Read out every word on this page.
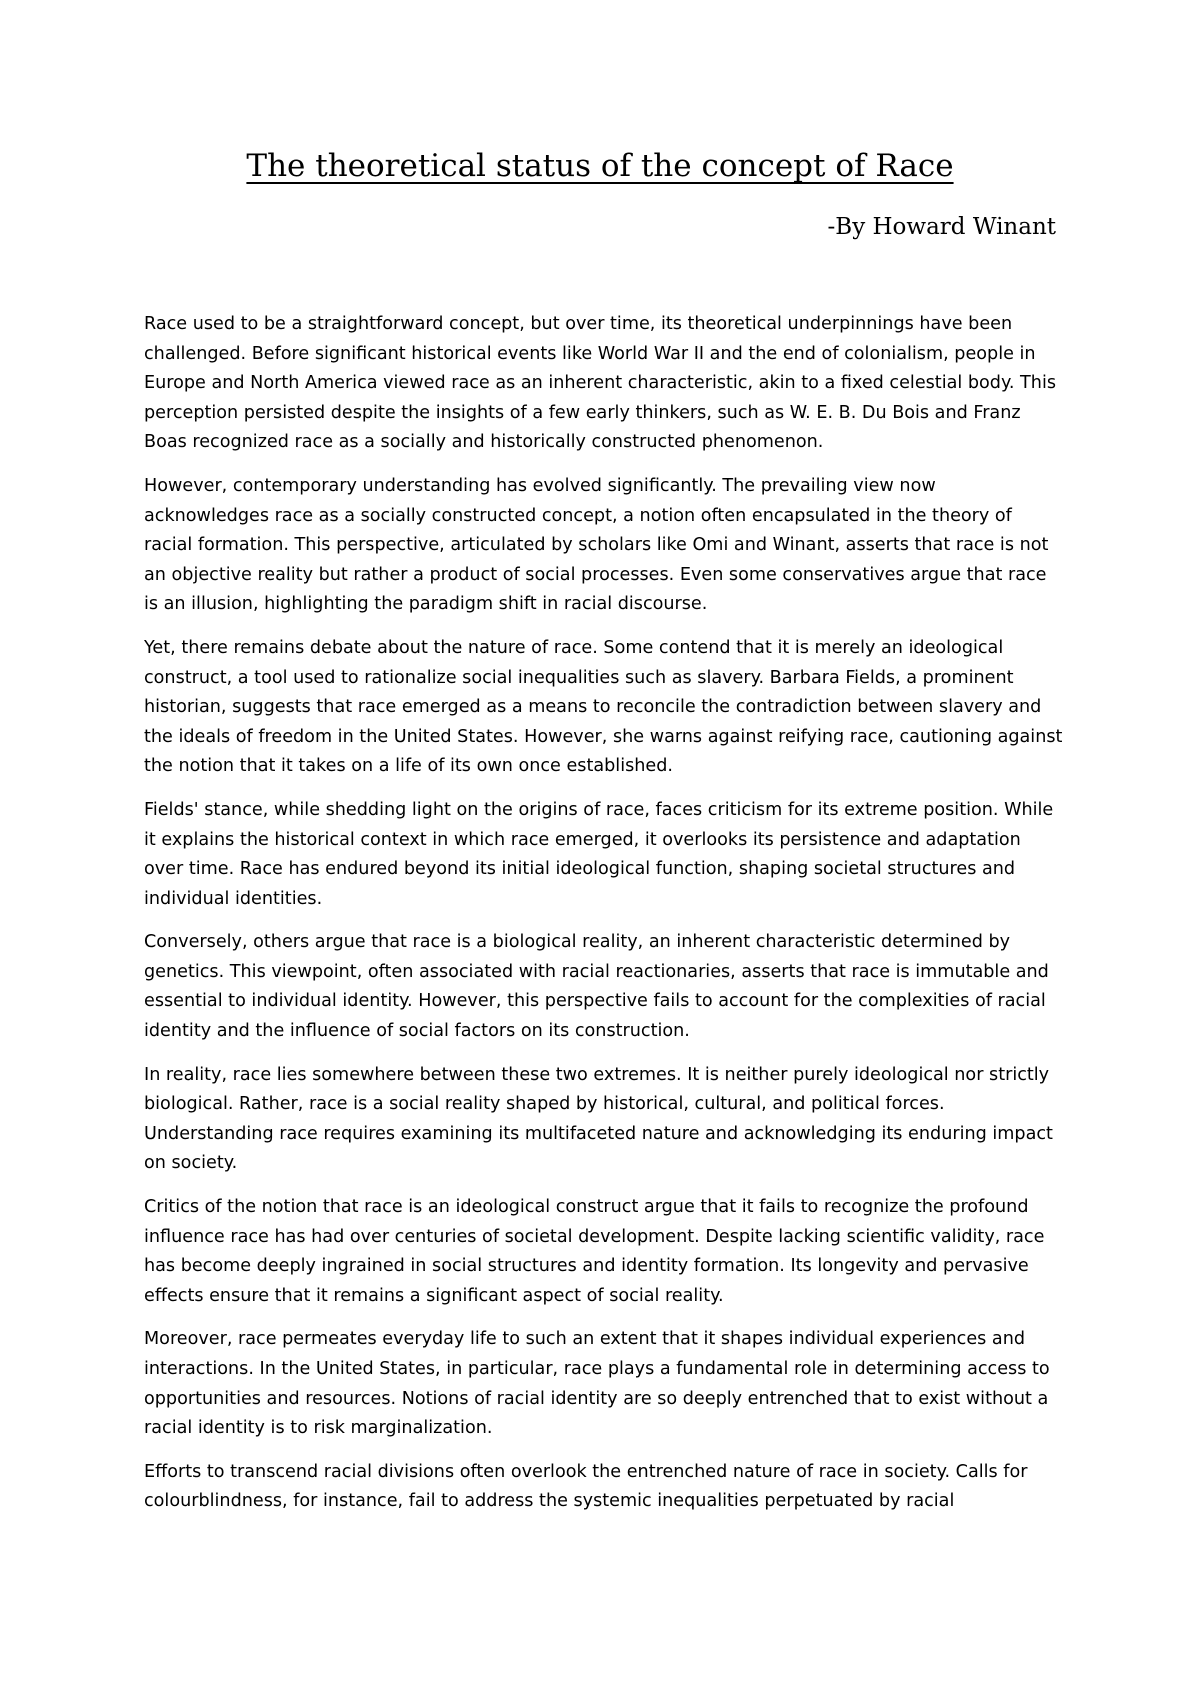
The theoretical status of the concept of Race
-By Howard Winant

Race used to be a straightforward concept, but over time, its theoretical underpinnings have been challenged. Before significant historical events like World War II and the end of colonialism, people in Europe and North America viewed race as an inherent characteristic, akin to a fixed celestial body. This perception persisted despite the insights of a few early thinkers, such as W. E. B. Du Bois and Franz Boas recognized race as a socially and historically constructed phenomenon.

However, contemporary understanding has evolved significantly. The prevailing view now acknowledges race as a socially constructed concept, a notion often encapsulated in the theory of racial formation. This perspective, articulated by scholars like Omi and Winant, asserts that race is not an objective reality but rather a product of social processes. Even some conservatives argue that race is an illusion, highlighting the paradigm shift in racial discourse.

Yet, there remains debate about the nature of race. Some contend that it is merely an ideological construct, a tool used to rationalize social inequalities such as slavery. Barbara Fields, a prominent historian, suggests that race emerged as a means to reconcile the contradiction between slavery and the ideals of freedom in the United States. However, she warns against reifying race, cautioning against the notion that it takes on a life of its own once established.

Fields' stance, while shedding light on the origins of race, faces criticism for its extreme position. While it explains the historical context in which race emerged, it overlooks its persistence and adaptation over time. Race has endured beyond its initial ideological function, shaping societal structures and individual identities.

Conversely, others argue that race is a biological reality, an inherent characteristic determined by genetics. This viewpoint, often associated with racial reactionaries, asserts that race is immutable and essential to individual identity. However, this perspective fails to account for the complexities of racial identity and the influence of social factors on its construction.

In reality, race lies somewhere between these two extremes. It is neither purely ideological nor strictly biological. Rather, race is a social reality shaped by historical, cultural, and political forces. Understanding race requires examining its multifaceted nature and acknowledging its enduring impact on society.

Critics of the notion that race is an ideological construct argue that it fails to recognize the profound influence race has had over centuries of societal development. Despite lacking scientific validity, race has become deeply ingrained in social structures and identity formation. Its longevity and pervasive effects ensure that it remains a significant aspect of social reality.

Moreover, race permeates everyday life to such an extent that it shapes individual experiences and interactions. In the United States, in particular, race plays a fundamental role in determining access to opportunities and resources. Notions of racial identity are so deeply entrenched that to exist without a racial identity is to risk marginalization.

Efforts to transcend racial divisions often overlook the entrenched nature of race in society. Calls for colourblindness, for instance, fail to address the systemic inequalities perpetuated by racial
